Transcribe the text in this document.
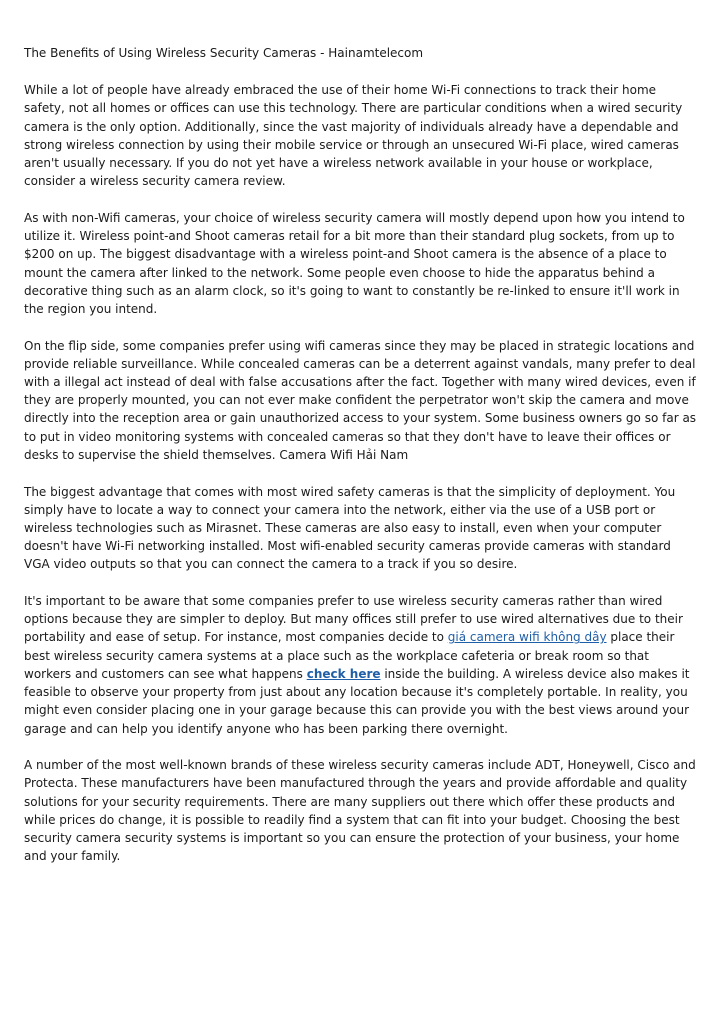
The Benefits of Using Wireless Security Cameras - Hainamtelecom

While a lot of people have already embraced the use of their home Wi-Fi connections to track their home safety, not all homes or offices can use this technology. There are particular conditions when a wired security camera is the only option. Additionally, since the vast majority of individuals already have a dependable and strong wireless connection by using their mobile service or through an unsecured Wi-Fi place, wired cameras aren't usually necessary. If you do not yet have a wireless network available in your house or workplace, consider a wireless security camera review.

As with non-Wifi cameras, your choice of wireless security camera will mostly depend upon how you intend to utilize it. Wireless point-and Shoot cameras retail for a bit more than their standard plug sockets, from up to $200 on up. The biggest disadvantage with a wireless point-and Shoot camera is the absence of a place to mount the camera after linked to the network. Some people even choose to hide the apparatus behind a decorative thing such as an alarm clock, so it's going to want to constantly be re-linked to ensure it'll work in the region you intend.

On the flip side, some companies prefer using wifi cameras since they may be placed in strategic locations and provide reliable surveillance. While concealed cameras can be a deterrent against vandals, many prefer to deal with a illegal act instead of deal with false accusations after the fact. Together with many wired devices, even if they are properly mounted, you can not ever make confident the perpetrator won't skip the camera and move directly into the reception area or gain unauthorized access to your system. Some business owners go so far as to put in video monitoring systems with concealed cameras so that they don't have to leave their offices or desks to supervise the shield themselves. Camera Wifi Hải Nam

The biggest advantage that comes with most wired safety cameras is that the simplicity of deployment. You simply have to locate a way to connect your camera into the network, either via the use of a USB port or wireless technologies such as Mirasnet. These cameras are also easy to install, even when your computer doesn't have Wi-Fi networking installed. Most wifi-enabled security cameras provide cameras with standard VGA video outputs so that you can connect the camera to a track if you so desire.

It's important to be aware that some companies prefer to use wireless security cameras rather than wired options because they are simpler to deploy. But many offices still prefer to use wired alternatives due to their portability and ease of setup. For instance, most companies decide to giá camera wifi không dây place their best wireless security camera systems at a place such as the workplace cafeteria or break room so that workers and customers can see what happens check here inside the building. A wireless device also makes it feasible to observe your property from just about any location because it's completely portable. In reality, you might even consider placing one in your garage because this can provide you with the best views around your garage and can help you identify anyone who has been parking there overnight.

A number of the most well-known brands of these wireless security cameras include ADT, Honeywell, Cisco and Protecta. These manufacturers have been manufactured through the years and provide affordable and quality solutions for your security requirements. There are many suppliers out there which offer these products and while prices do change, it is possible to readily find a system that can fit into your budget. Choosing the best security camera security systems is important so you can ensure the protection of your business, your home and your family.
